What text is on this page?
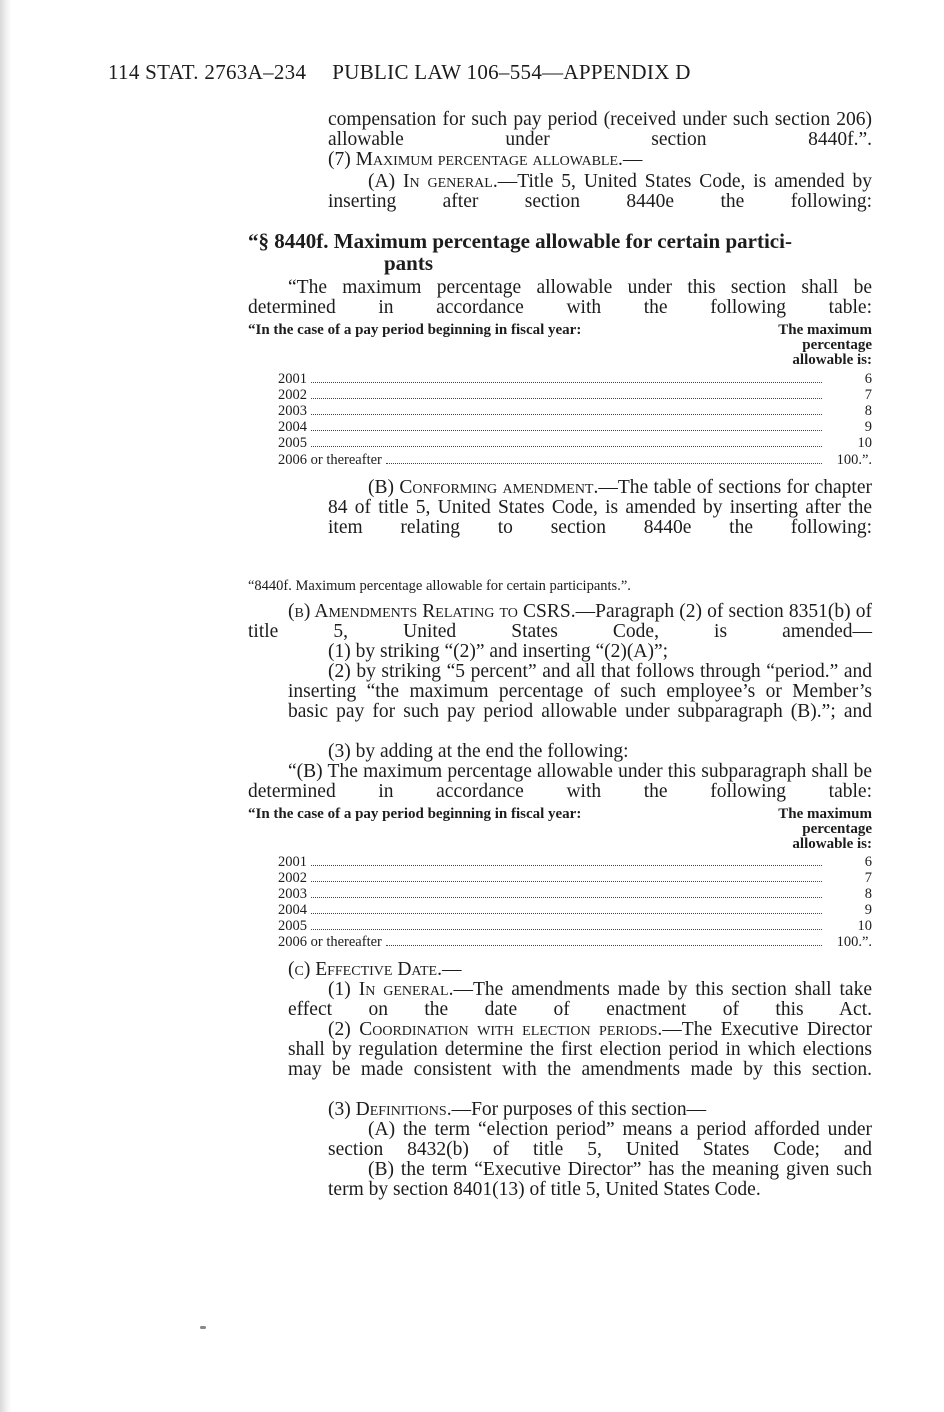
114 STAT. 2763A–234 PUBLIC LAW 106–554—APPENDIX D

compensation for such pay period (received under such section 206) allowable under section 8440f.”.

(7) Maximum percentage allowable.—

(A) In general.—Title 5, United States Code, is amended by inserting after section 8440e the following:

“§ 8440f. Maximum percentage allowable for certain partici-
pants

“The maximum percentage allowable under this section shall be determined in accordance with the following table:

“In the case of a pay period beginning in fiscal year:	The maximum
percentage
allowable is:
2001	6
2002	7
2003	8
2004	9
2005	10
2006 or thereafter	100.”.

(B) Conforming amendment.—The table of sections for chapter 84 of title 5, United States Code, is amended by inserting after the item relating to section 8440e the following:

“8440f. Maximum percentage allowable for certain participants.”.

(b) Amendments Relating to CSRS.—Paragraph (2) of section 8351(b) of title 5, United States Code, is amended—

(1) by striking “(2)” and inserting “(2)(A)”;

(2) by striking “5 percent” and all that follows through “period.” and inserting “the maximum percentage of such employee’s or Member’s basic pay for such pay period allowable under subparagraph (B).”; and

(3) by adding at the end the following:

“(B) The maximum percentage allowable under this subparagraph shall be determined in accordance with the following table:

“In the case of a pay period beginning in fiscal year:	The maximum
percentage
allowable is:
2001	6
2002	7
2003	8
2004	9
2005	10
2006 or thereafter	100.”.

(c) Effective Date.—

(1) In general.—The amendments made by this section shall take effect on the date of enactment of this Act.

(2) Coordination with election periods.—The Executive Director shall by regulation determine the first election period in which elections may be made consistent with the amendments made by this section.

(3) Definitions.—For purposes of this section—

(A) the term “election period” means a period afforded under section 8432(b) of title 5, United States Code; and

(B) the term “Executive Director” has the meaning given such term by section 8401(13) of title 5, United States Code.
